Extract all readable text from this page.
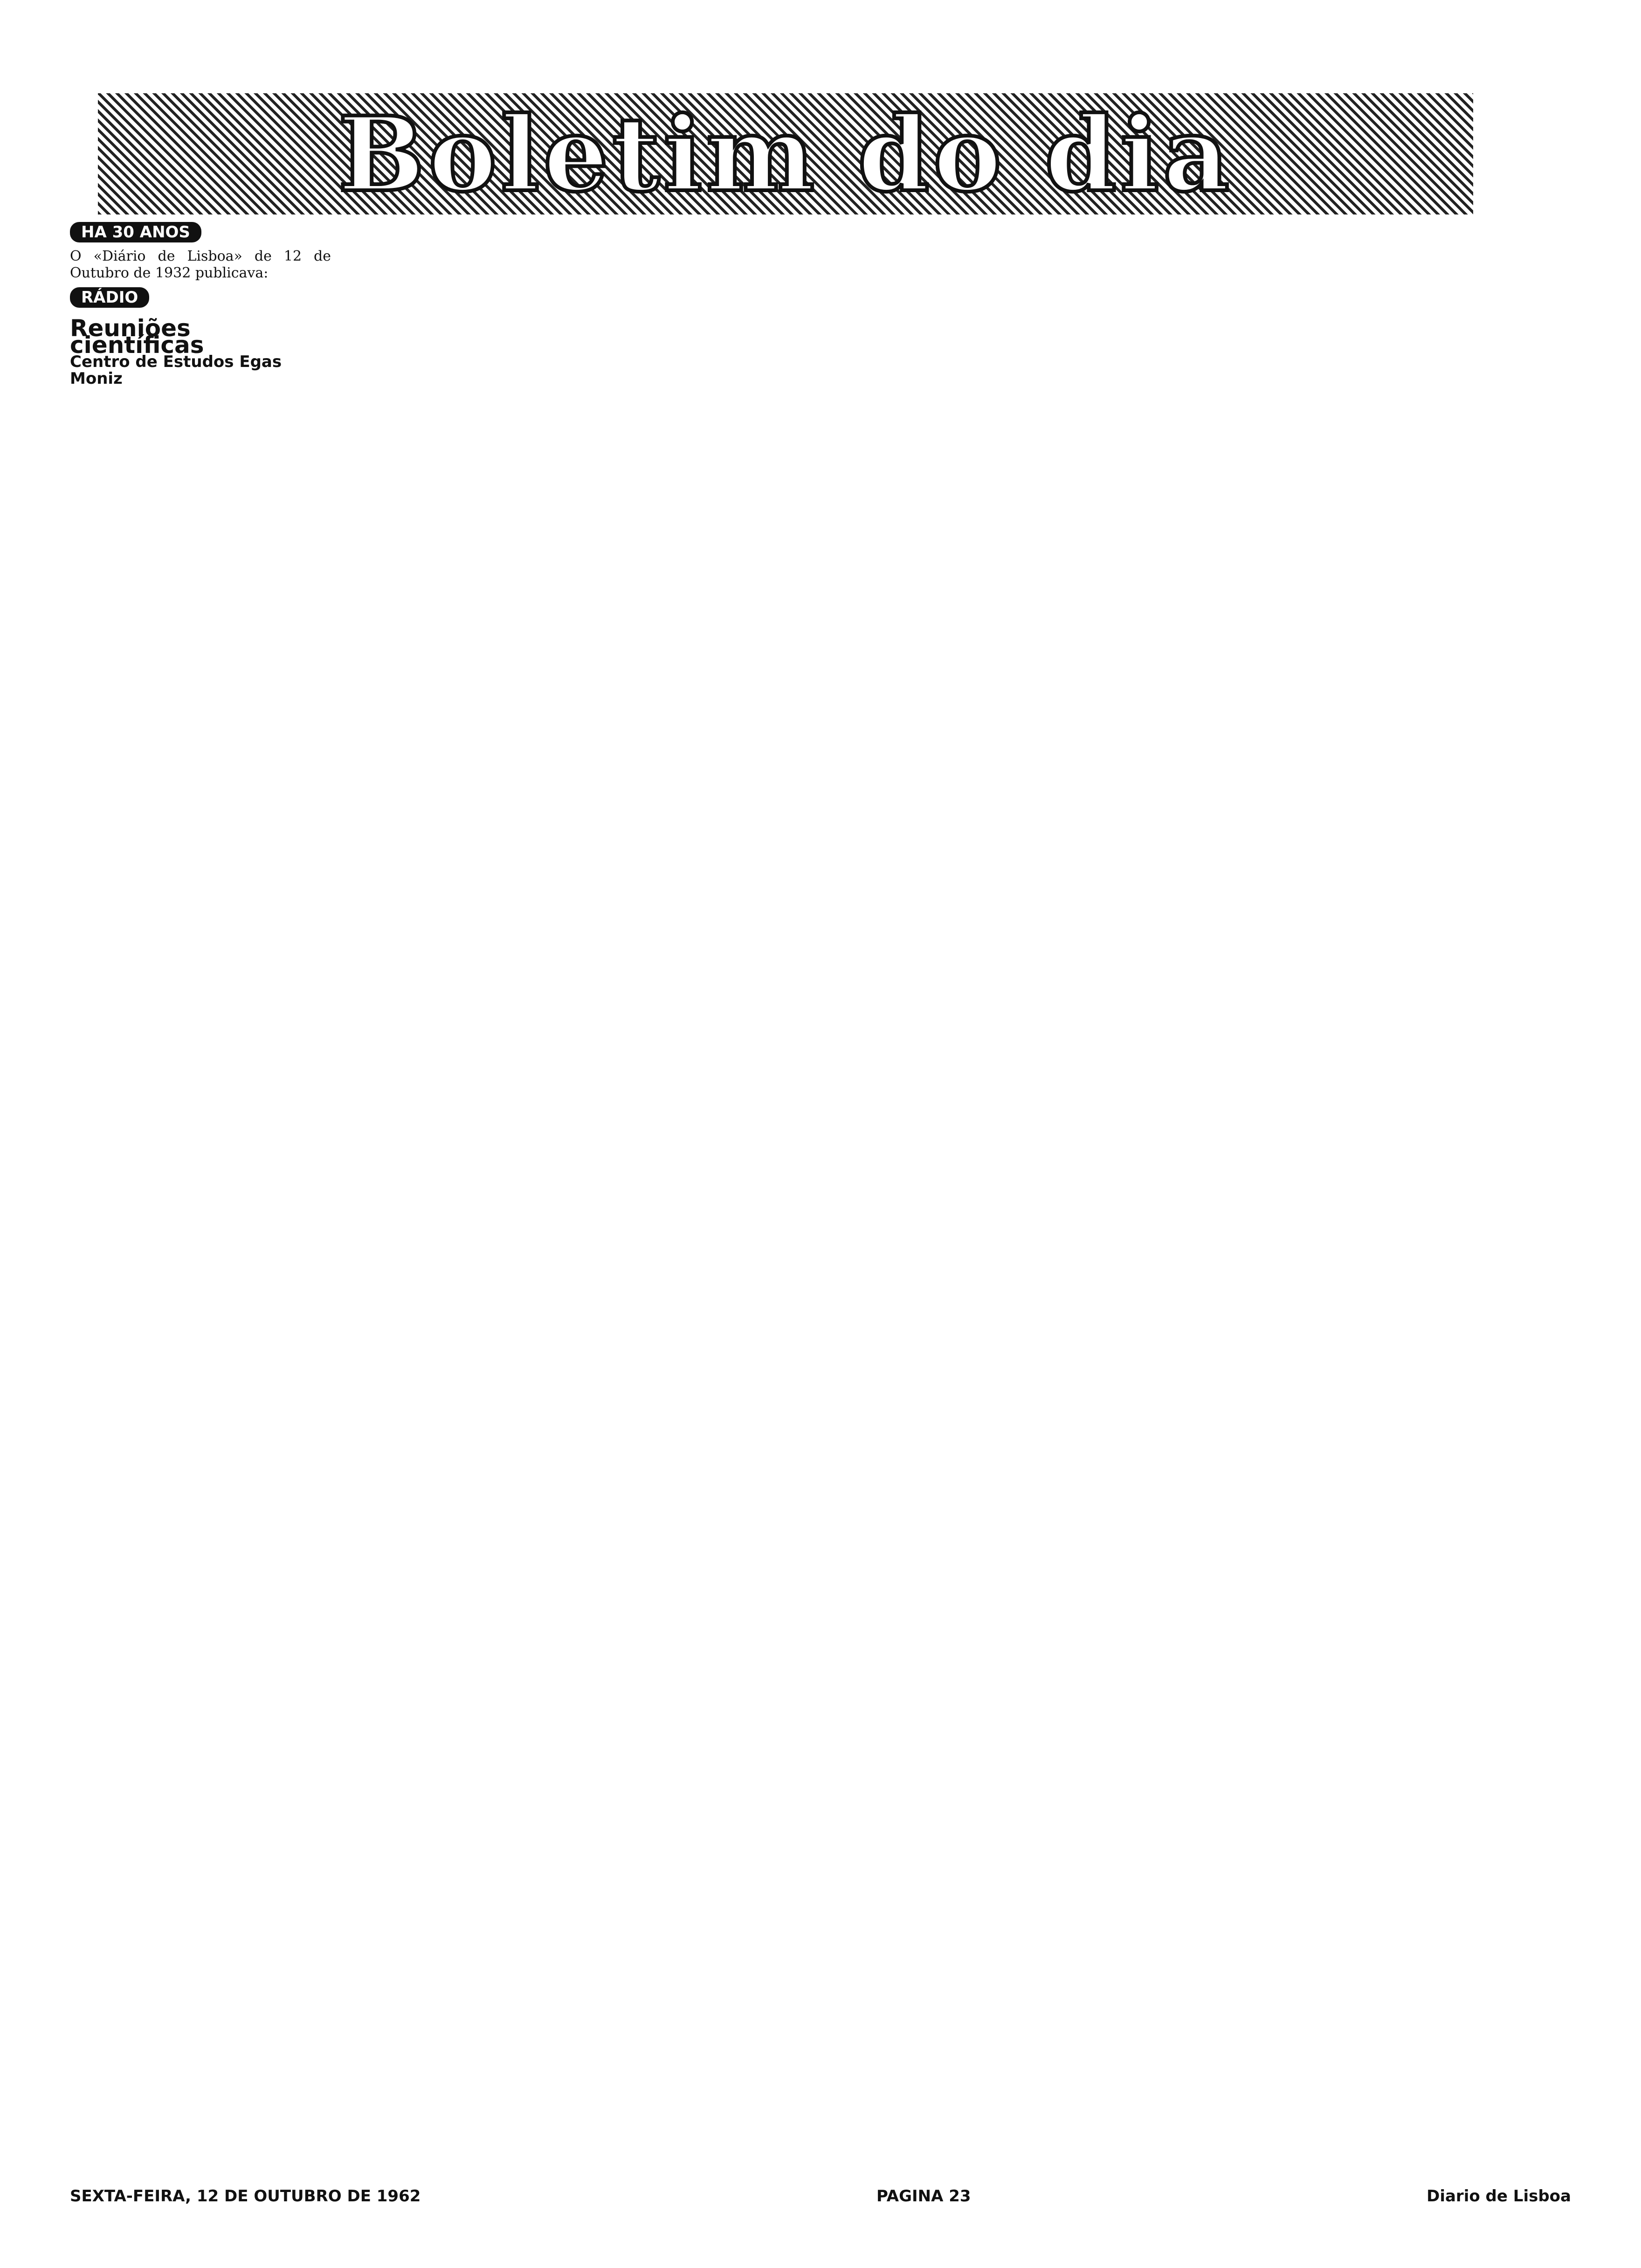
Boletim do dia
HA 30 ANOS

O «Diário de Lisboa» de 12 de Outubro de 1932 publicava:

RÁDIO
Reuniões científicas
Centro de Estudos Egas Moniz
SEXTA-FEIRA, 12 DE OUTUBRO DE 1962	PAGINA 23	Diario de Lisboa
